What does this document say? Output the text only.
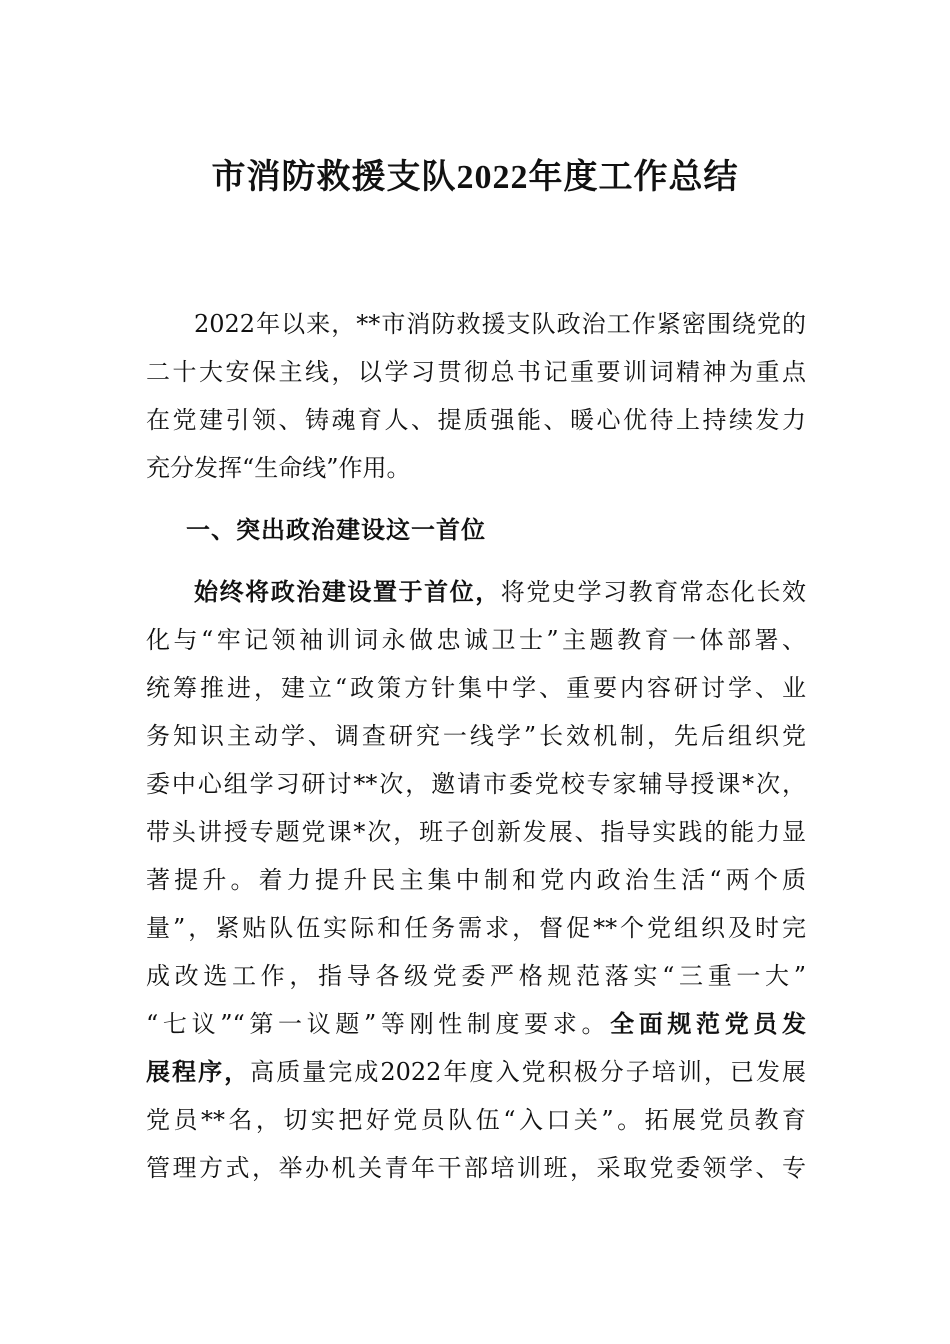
市消防救援支队2022年度工作总结
2022年以来，**市消防救援支队政治工作紧密围绕党的
二十大安保主线，以学习贯彻总书记重要训词精神为重点
在党建引领、铸魂育人、提质强能、暖心优待上持续发力
充分发挥“生命线”作用。
一、突出政治建设这一首位
始终将政治建设置于首位，将党史学习教育常态化长效
化与“牢记领袖训词永做忠诚卫士”主题教育一体部署、
统筹推进，建立“政策方针集中学、重要内容研讨学、业
务知识主动学、调查研究一线学”长效机制，先后组织党
委中心组学习研讨**次，邀请市委党校专家辅导授课*次，
带头讲授专题党课*次，班子创新发展、指导实践的能力显
著提升。着力提升民主集中制和党内政治生活“两个质
量”，紧贴队伍实际和任务需求，督促**个党组织及时完
成改选工作，指导各级党委严格规范落实“三重一大”
“七议”“第一议题”等刚性制度要求。全面规范党员发
展程序，高质量完成2022年度入党积极分子培训，已发展
党员**名，切实把好党员队伍“入口关”。拓展党员教育
管理方式，举办机关青年干部培训班，采取党委领学、专
